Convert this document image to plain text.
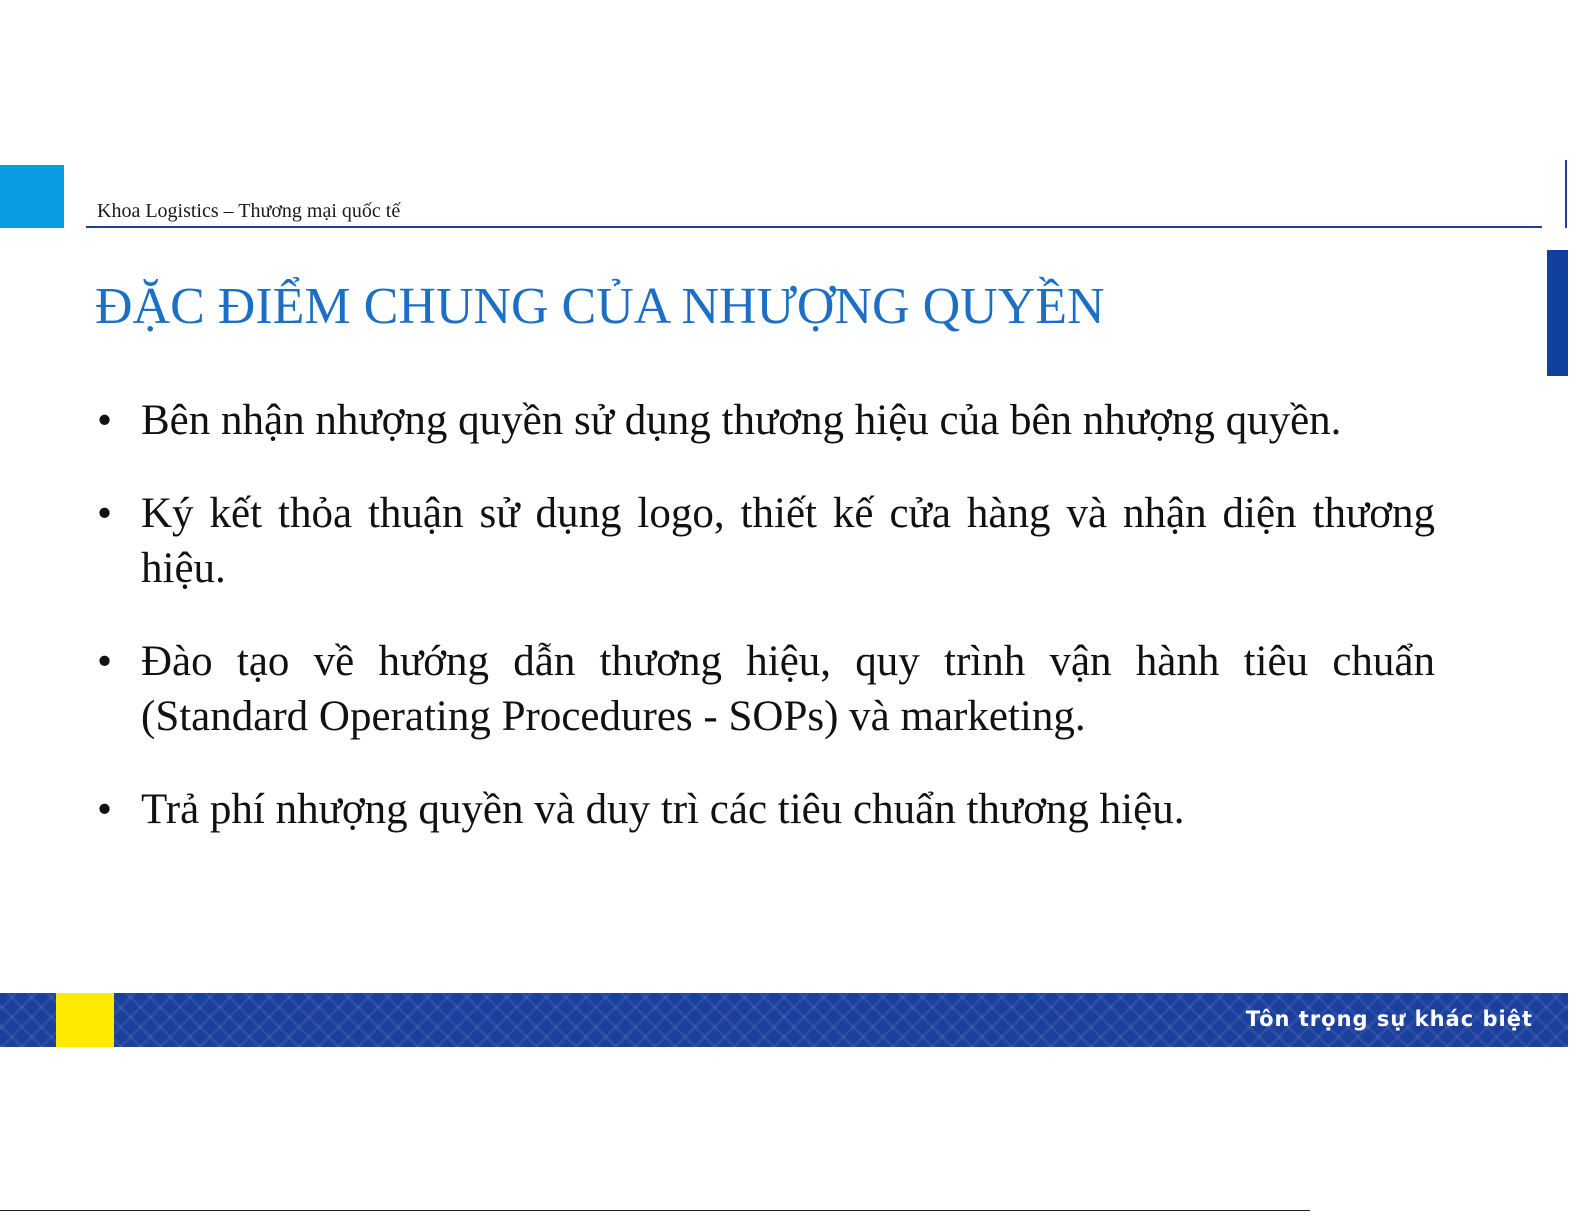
Khoa Logistics – Thương mại quốc tế
ĐẶC ĐIỂM CHUNG CỦA NHƯỢNG QUYỀN
• Bên nhận nhượng quyền sử dụng thương hiệu của bên nhượng quyền.
• Ký kết thỏa thuận sử dụng logo, thiết kế cửa hàng và nhận diện thương hiệu.
• Đào tạo về hướng dẫn thương hiệu, quy trình vận hành tiêu chuẩn (Standard Operating Procedures - SOPs) và marketing.
• Trả phí nhượng quyền và duy trì các tiêu chuẩn thương hiệu.
Tôn trọng sự khác biệt
